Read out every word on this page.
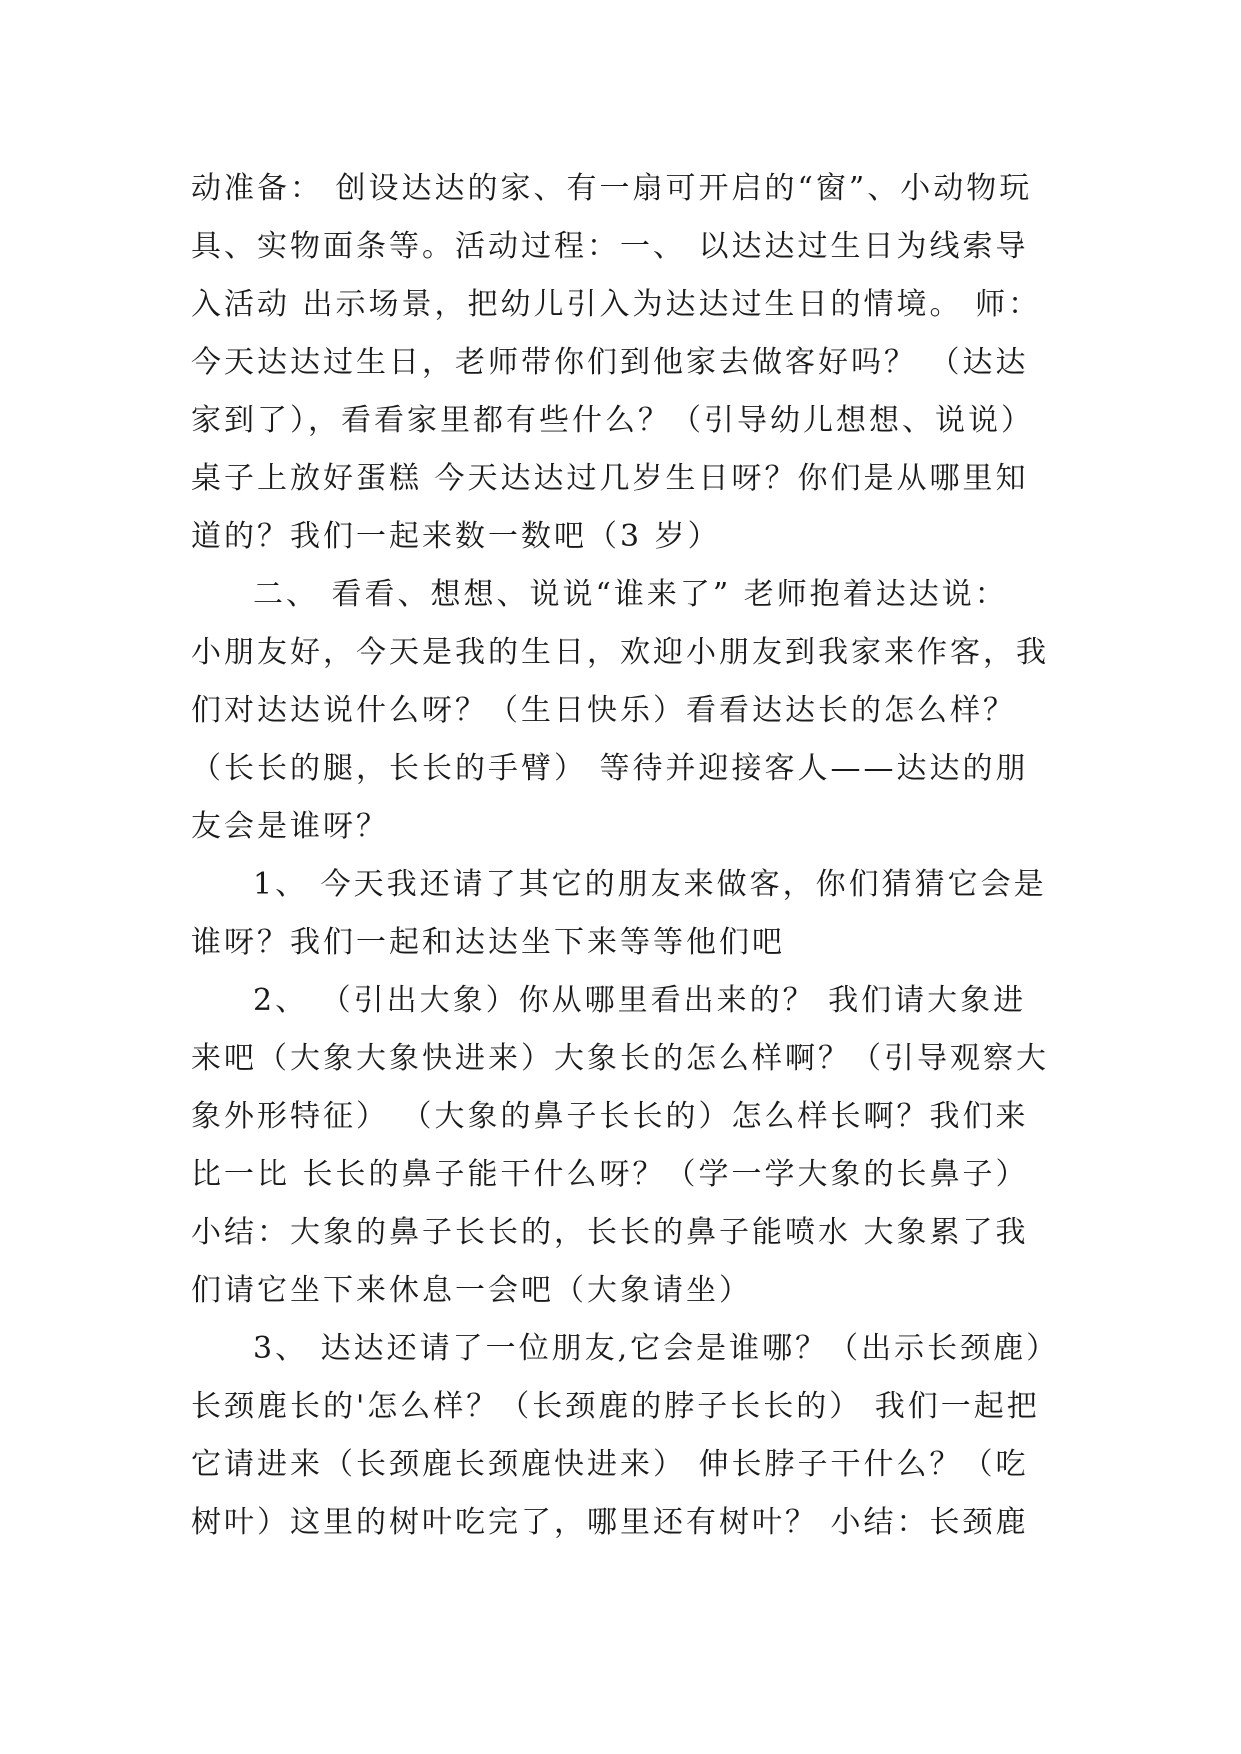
动准备： 创设达达的家、有一扇可开启的“窗”、小动物玩
具、实物面条等。活动过程：一、 以达达过生日为线索导
入活动 出示场景，把幼儿引入为达达过生日的情境。 师：
今天达达过生日，老师带你们到他家去做客好吗？ （达达
家到了），看看家里都有些什么？（引导幼儿想想、说说）
桌子上放好蛋糕 今天达达过几岁生日呀？你们是从哪里知
道的？我们一起来数一数吧（3 岁）
二、 看看、想想、说说“谁来了” 老师抱着达达说：
小朋友好，今天是我的生日，欢迎小朋友到我家来作客，我
们对达达说什么呀？（生日快乐）看看达达长的怎么样？
（长长的腿，长长的手臂） 等待并迎接客人——达达的朋
友会是谁呀？
1、 今天我还请了其它的朋友来做客，你们猜猜它会是
谁呀？我们一起和达达坐下来等等他们吧
2、 （引出大象）你从哪里看出来的？ 我们请大象进
来吧（大象大象快进来）大象长的怎么样啊？（引导观察大
象外形特征） （大象的鼻子长长的）怎么样长啊？我们来
比一比 长长的鼻子能干什么呀？（学一学大象的长鼻子）
小结：大象的鼻子长长的，长长的鼻子能喷水 大象累了我
们请它坐下来休息一会吧（大象请坐）
3、 达达还请了一位朋友,它会是谁哪？（出示长颈鹿）
长颈鹿长的'怎么样？（长颈鹿的脖子长长的） 我们一起把
它请进来（长颈鹿长颈鹿快进来） 伸长脖子干什么？（吃
树叶）这里的树叶吃完了，哪里还有树叶？ 小结：长颈鹿
